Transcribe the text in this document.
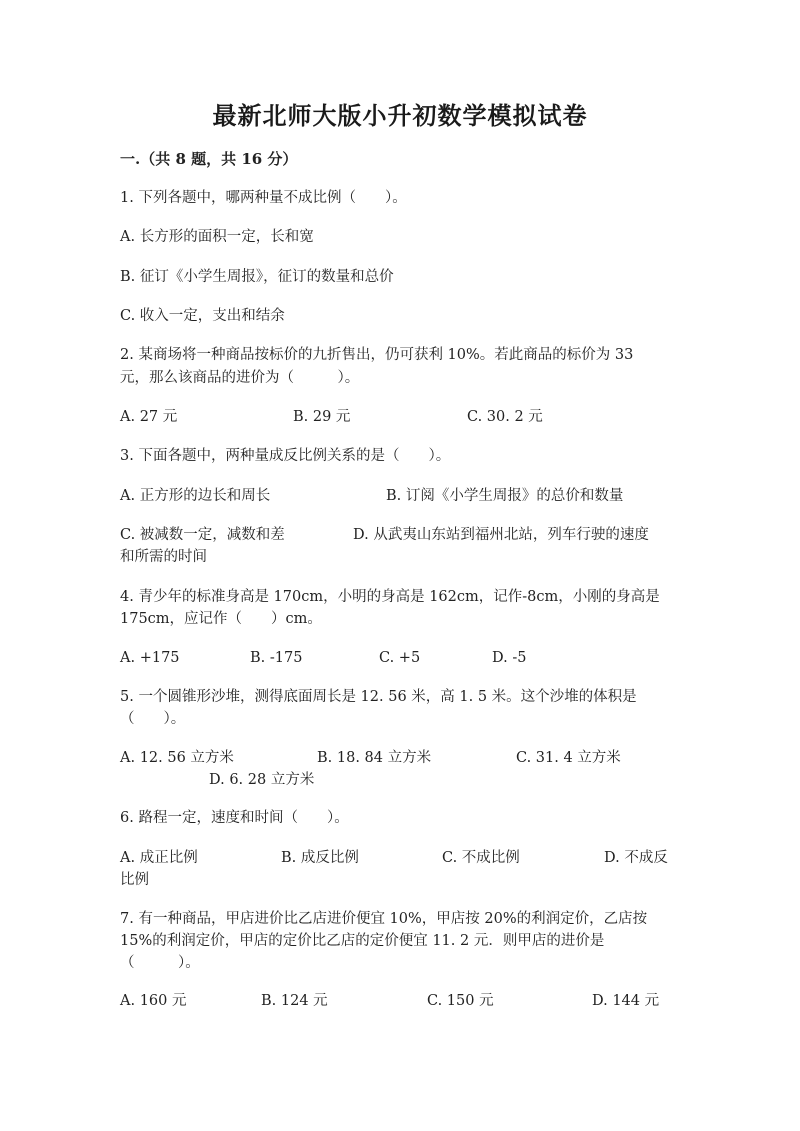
最新北师大版小升初数学模拟试卷
一.（共 8 题，共 16 分）
1. 下列各题中，哪两种量不成比例（　　）。
A. 长方形的面积一定，长和宽
B. 征订《小学生周报》，征订的数量和总价
C. 收入一定，支出和结余
2. 某商场将一种商品按标价的九折售出，仍可获利 10%。若此商品的标价为 33
元，那么该商品的进价为（　　　）。
A. 27 元	B. 29 元	C. 30. 2 元
3. 下面各题中，两种量成反比例关系的是（　　）。
A. 正方形的边长和周长	B. 订阅《小学生周报》的总价和数量
C. 被减数一定，减数和差	D. 从武夷山东站到福州北站，列车行驶的速度
和所需的时间
4. 青少年的标准身高是 170cm，小明的身高是 162cm，记作-8cm，小刚的身高是
175cm，应记作（　　）cm。
A. +175	B. -175	C. +5	D. -5
5. 一个圆锥形沙堆，测得底面周长是 12. 56 米，高 1. 5 米。这个沙堆的体积是
（　　）。
A. 12. 56 立方米	B. 18. 84 立方米	C. 31. 4 立方米
D. 6. 28 立方米
6. 路程一定，速度和时间（　　）。
A. 成正比例	B. 成反比例	C. 不成比例	D. 不成反
比例
7. 有一种商品，甲店进价比乙店进价便宜 10%，甲店按 20%的利润定价，乙店按
15%的利润定价，甲店的定价比乙店的定价便宜 11. 2 元．则甲店的进价是
（　　　）。
A. 160 元	B. 124 元	C. 150 元	D. 144 元
